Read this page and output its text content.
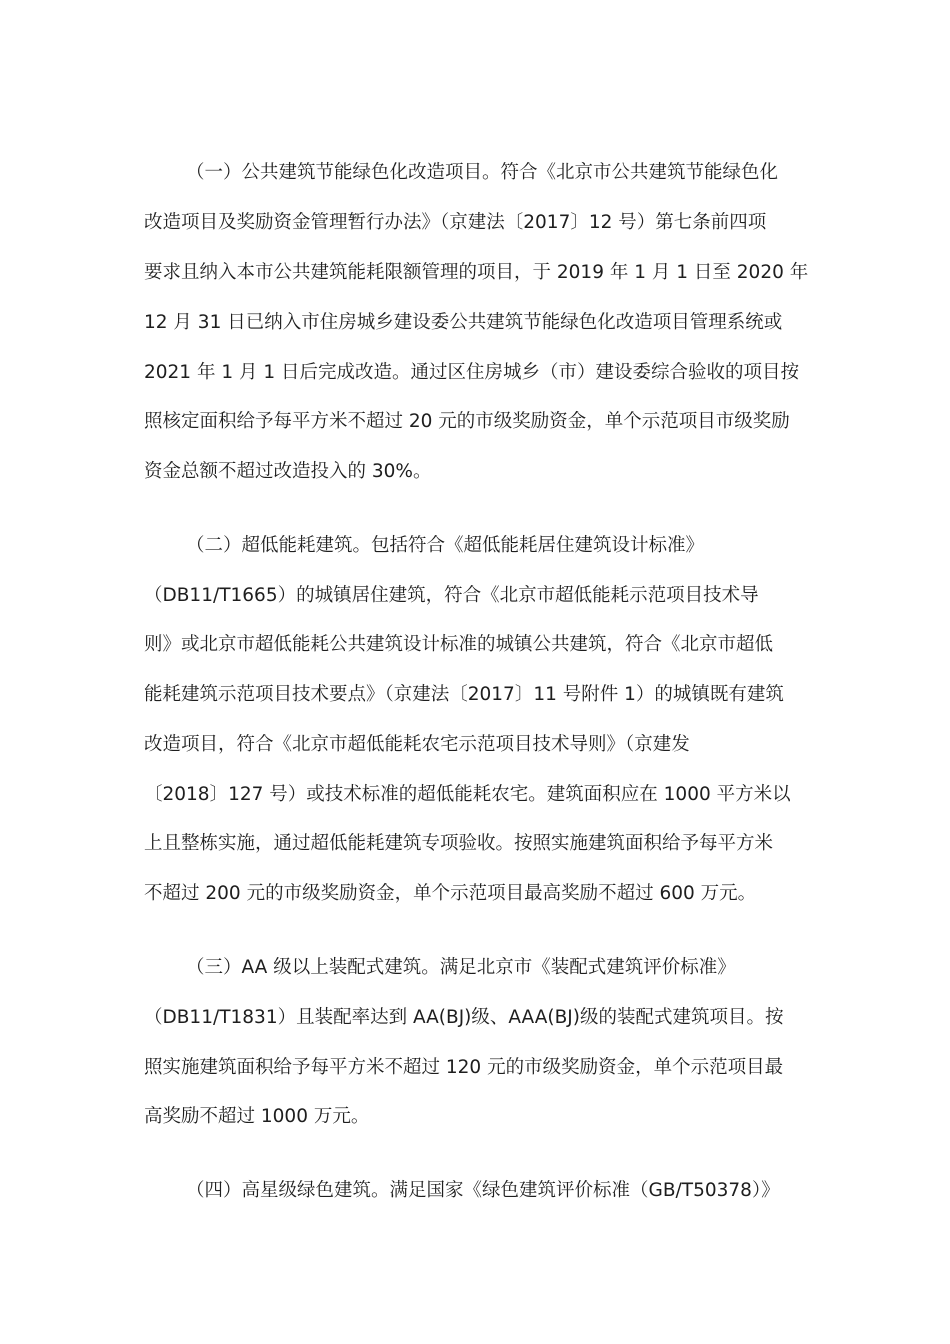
（一）公共建筑节能绿色化改造项目。符合《北京市公共建筑节能绿色化
改造项目及奖励资金管理暂行办法》（京建法〔2017〕12 号）第七条前四项
要求且纳入本市公共建筑能耗限额管理的项目，于 2019 年 1 月 1 日至 2020 年
12 月 31 日已纳入市住房城乡建设委公共建筑节能绿色化改造项目管理系统或
2021 年 1 月 1 日后完成改造。通过区住房城乡（市）建设委综合验收的项目按
照核定面积给予每平方米不超过 20 元的市级奖励资金，单个示范项目市级奖励
资金总额不超过改造投入的 30%。
（二）超低能耗建筑。包括符合《超低能耗居住建筑设计标准》
（DB11/T1665）的城镇居住建筑，符合《北京市超低能耗示范项目技术导
则》或北京市超低能耗公共建筑设计标准的城镇公共建筑，符合《北京市超低
能耗建筑示范项目技术要点》（京建法〔2017〕11 号附件 1）的城镇既有建筑
改造项目，符合《北京市超低能耗农宅示范项目技术导则》（京建发
〔2018〕127 号）或技术标准的超低能耗农宅。建筑面积应在 1000 平方米以
上且整栋实施，通过超低能耗建筑专项验收。按照实施建筑面积给予每平方米
不超过 200 元的市级奖励资金，单个示范项目最高奖励不超过 600 万元。
（三）AA 级以上装配式建筑。满足北京市《装配式建筑评价标准》
（DB11/T1831）且装配率达到 AA(BJ)级、AAA(BJ)级的装配式建筑项目。按
照实施建筑面积给予每平方米不超过 120 元的市级奖励资金，单个示范项目最
高奖励不超过 1000 万元。
（四）高星级绿色建筑。满足国家《绿色建筑评价标准（GB/T50378）》
